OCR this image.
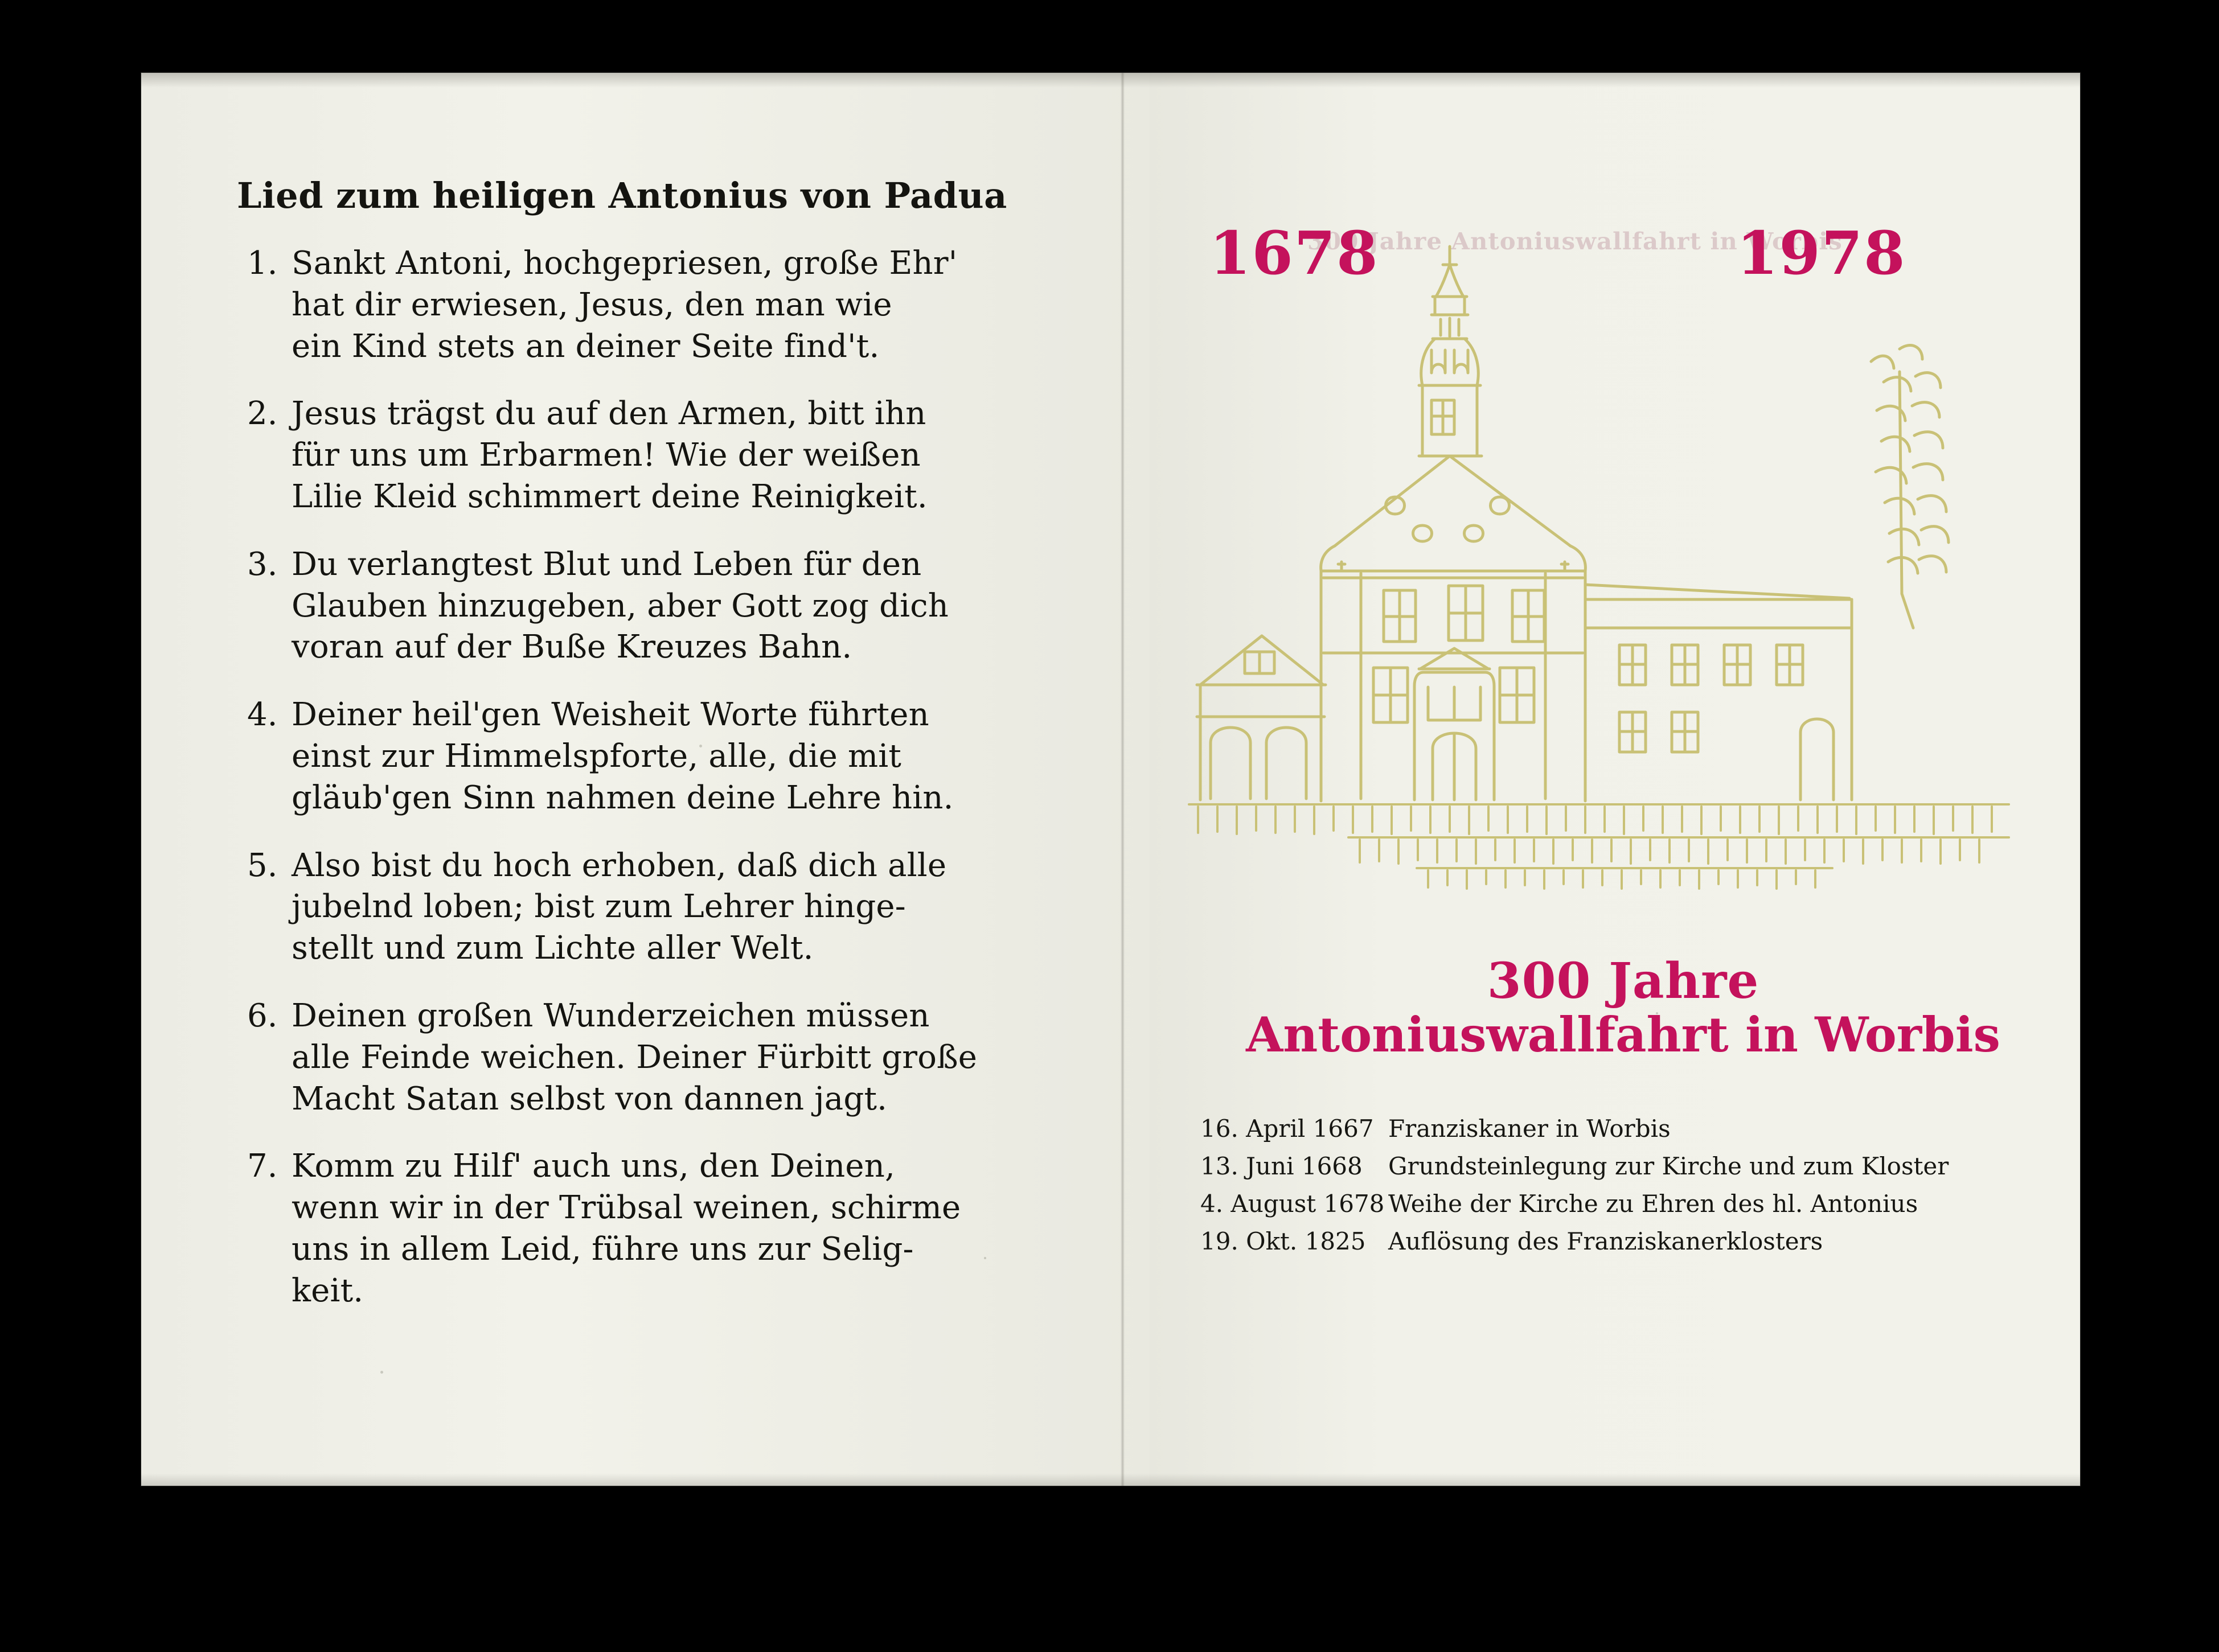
300 Jahre Antoniuswallfahrt in Worbis
Lied zum heiligen Antonius von Padua
1. Sankt Antoni, hochgepriesen, große Ehr'
hat dir erwiesen, Jesus, den man wie
ein Kind stets an deiner Seite find't.
2. Jesus trägst du auf den Armen, bitt ihn
für uns um Erbarmen! Wie der weißen
Lilie Kleid schimmert deine Reinigkeit.
3. Du verlangtest Blut und Leben für den
Glauben hinzugeben, aber Gott zog dich
voran auf der Buße Kreuzes Bahn.
4. Deiner heil'gen Weisheit Worte führten
einst zur Himmelspforte, alle, die mit
gläub'gen Sinn nahmen deine Lehre hin.
5. Also bist du hoch erhoben, daß dich alle
jubelnd loben; bist zum Lehrer hinge-
stellt und zum Lichte aller Welt.
6. Deinen großen Wunderzeichen müssen
alle Feinde weichen. Deiner Fürbitt große
Macht Satan selbst von dannen jagt.
7. Komm zu Hilf' auch uns, den Deinen,
wenn wir in der Trübsal weinen, schirme
uns in allem Leid, führe uns zur Selig-
keit.
1678	1978
300 Jahre
Antoniuswallfahrt in Worbis
16. April 1667 Franziskaner in Worbis
13. Juni 1668	Grundsteinlegung zur Kirche und zum Kloster
4. August 1678 Weihe der Kirche zu Ehren des hl. Antonius
19. Okt. 1825 Auflösung des Franziskanerklosters
